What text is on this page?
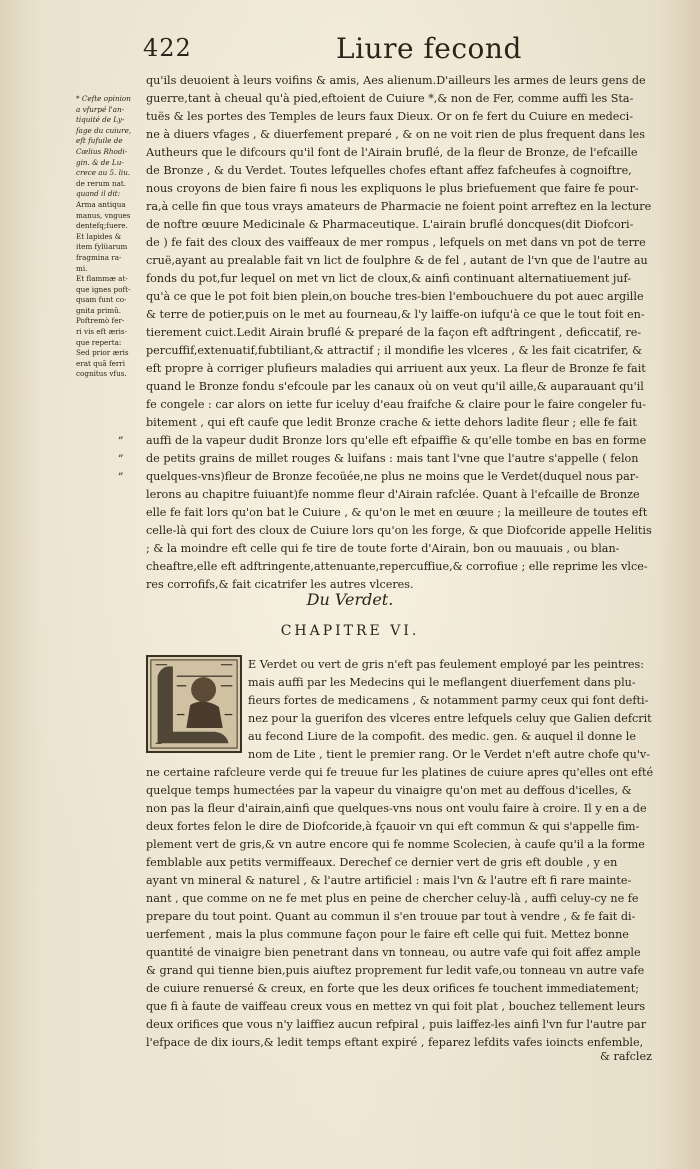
422	Liure fecond
* Cefte opinion
a vfurpé l'an-
tiquité de Ly-
fage du cuiure,
eft fufuile de
Cælius Rhodi-
gin. & de Lu-
crece au 5. liu.
de rerum nat.
quand il dit:
Arma antiqua
manus, vngues
dentefq;fuere.
Et lapides &
item fylüarum
fragmina ra-
mi.
Et flammæ at-
que ignes poft-
quam funt co-
gnita primû.
Poftremò fer-
ri vis eft æris-
que reperta:
Sed prior æris
erat quã ferri
cognitus vfus.
qu'ils deuoient à leurs voifins & amis, Aes alienum.D'ailleurs les armes de leurs gens de
guerre,tant à cheual qu'à pied,eftoient de Cuiure *,& non de Fer, comme auffi les Sta-
tuës & les portes des Temples de leurs faux Dieux. Or on fe fert du Cuiure en medeci-
ne à diuers vfages , & diuerfement preparé , & on ne voit rien de plus frequent dans les
Autheurs que le difcours qu'il font de l'Airain bruflé, de la fleur de Bronze, de l'efcaille
de Bronze , & du Verdet. Toutes lefquelles chofes eftant affez fafcheufes à cognoiftre,
nous croyons de bien faire fi nous les expliquons le plus briefuement que faire fe pour-
ra,à celle fin que tous vrays amateurs de Pharmacie ne foient point arreftez en la lecture
de noftre œuure Medicinale & Pharmaceutique. L'airain bruflé doncques(dit Diofcori-
de ) fe fait des cloux des vaiffeaux de mer rompus , lefquels on met dans vn pot de terre
cruë,ayant au prealable fait vn lict de foulphre & de fel , autant de l'vn que de l'autre au
fonds du pot,fur lequel on met vn lict de cloux,& ainfi continuant alternatiuement juf-
qu'à ce que le pot foit bien plein,on bouche tres-bien l'embouchuere du pot auec argille
& terre de potier,puis on le met au fourneau,& l'y laiffe-on iufqu'à ce que le tout foit en-
tierement cuict.Ledit Airain bruflé & preparé de la façon eft adftringent , deficcatif, re-
percuffif,extenuatif,fubtiliant,& attractif ; il mondifie les vlceres , & les fait cicatrifer, &
eft propre à corriger plufieurs maladies qui arriuent aux yeux. La fleur de Bronze fe fait
quand le Bronze fondu s'efcoule par les canaux où on veut qu'il aille,& auparauant qu'il
fe congele : car alors on iette fur iceluy d'eau fraifche & claire pour le faire congeler fu-
bitement , qui eft caufe que ledit Bronze crache & iette dehors ladite fleur ; elle fe fait
auffi de la vapeur dudit Bronze lors qu'elle eft efpaiffie & qu'elle tombe en bas en forme
de petits grains de millet rouges & luifans : mais tant l'vne que l'autre s'appelle ( felon
quelques-vns)fleur de Bronze fecoüée,ne plus ne moins que le Verdet(duquel nous par-
lerons au chapitre fuiuant)fe nomme fleur d'Airain rafclée. Quant à l'efcaille de Bronze
elle fe fait lors qu'on bat le Cuiure , & qu'on le met en œuure ; la meilleure de toutes eft
celle-là qui fort des cloux de Cuiure lors qu'on les forge, & que Diofcoride appelle Helitis
; & la moindre eft celle qui fe tire de toute forte d'Airain, bon ou mauuais , ou blan-
cheaftre,elle eft adftringente,attenuante,repercuffiue,& corrofiue ; elle reprime les vlce-
res corrofifs,& fait cicatrifer les autres vlceres.
„
„
„
Du Verdet.
CHAPITRE VI.
E Verdet ou vert de gris n'eft pas feulement employé par les peintres:
mais auffi par les Medecins qui le meflangent diuerfement dans plu-
fieurs fortes de medicamens , & notamment parmy ceux qui font defti-
nez pour la guerifon des vlceres entre lefquels celuy que Galien defcrit
au fecond Liure de la compofit. des medic. gen. & auquel il donne le
nom de Lite , tient le premier rang. Or le Verdet n'eft autre chofe qu'v-
ne certaine rafcleure verde qui fe treuue fur les platines de cuiure apres qu'elles ont efté
quelque temps humectées par la vapeur du vinaigre qu'on met au deffous d'icelles, &
non pas la fleur d'airain,ainfi que quelques-vns nous ont voulu faire à croire. Il y en a de
deux fortes felon le dire de Diofcoride,à fçauoir vn qui eft commun & qui s'appelle fim-
plement vert de gris,& vn autre encore qui fe nomme Scolecien, à caufe qu'il a la forme
femblable aux petits vermiffeaux. Derechef ce dernier vert de gris eft double , y en
ayant vn mineral & naturel , & l'autre artificiel : mais l'vn & l'autre eft fi rare mainte-
nant , que comme on ne fe met plus en peine de chercher celuy-là , auffi celuy-cy ne fe
prepare du tout point. Quant au commun il s'en trouue par tout à vendre , & fe fait di-
uerfement , mais la plus commune façon pour le faire eft celle qui fuit. Mettez bonne
quantité de vinaigre bien penetrant dans vn tonneau, ou autre vafe qui foit affez ample
& grand qui tienne bien,puis aiuftez proprement fur ledit vafe,ou tonneau vn autre vafe
de cuiure renuersé & creux, en forte que les deux orifices fe touchent immediatement;
que fi à faute de vaiffeau creux vous en mettez vn qui foit plat , bouchez tellement leurs
deux orifices que vous n'y laiffiez aucun refpiral , puis laiffez-les ainfi l'vn fur l'autre par
l'efpace de dix iours,& ledit temps eftant expiré , feparez lefdits vafes ioincts enfemble,
& rafclez
